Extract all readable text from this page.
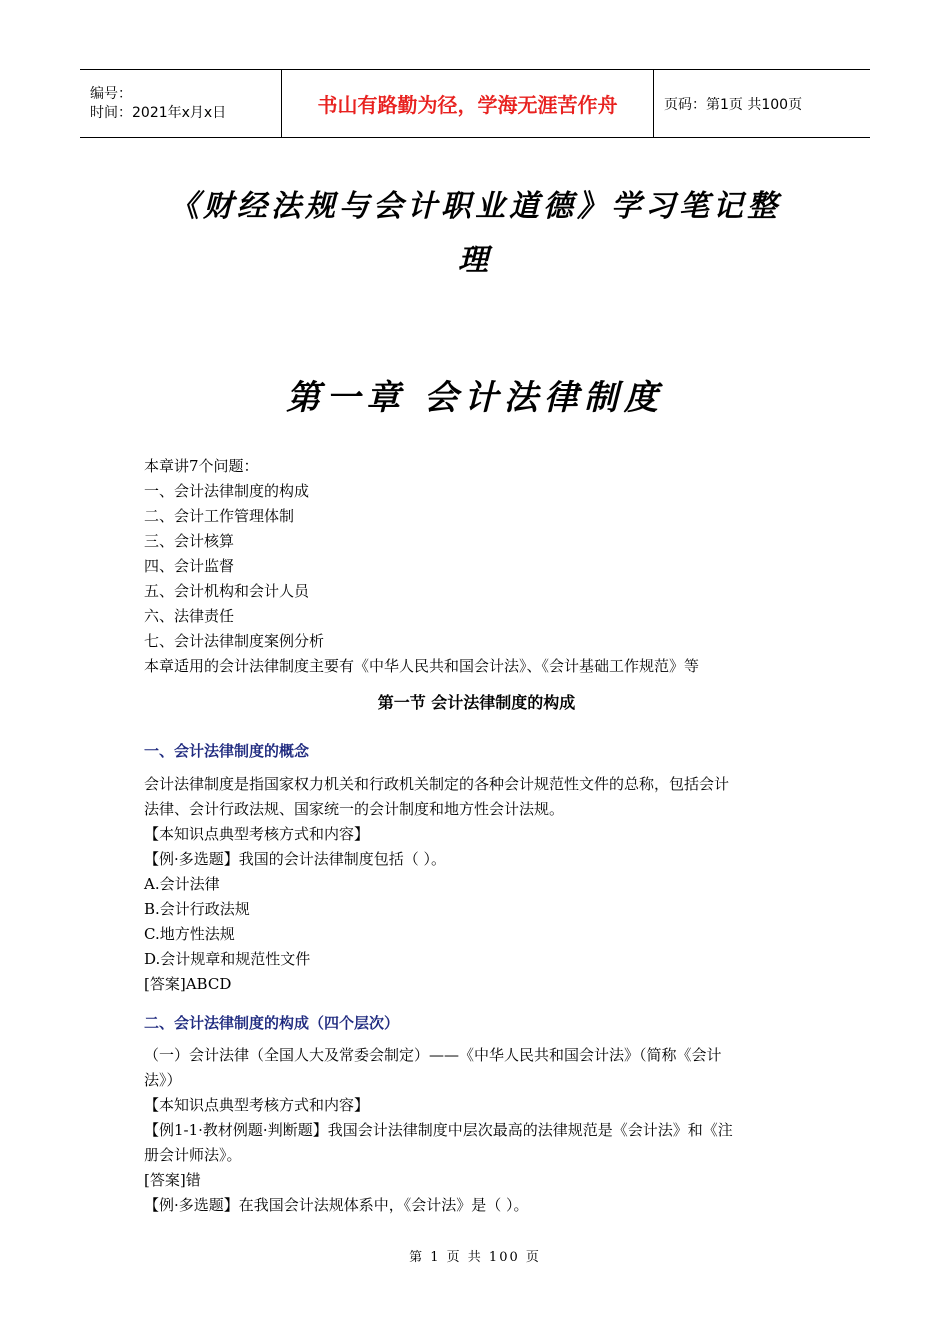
编号：
时间：2021年x月x日	书山有路勤为径，学海无涯苦作舟	页码：第1页 共100页
《财经法规与会计职业道德》学习笔记整
理
第一章 会计法律制度
本章讲7个问题：
一、会计法律制度的构成
二、会计工作管理体制
三、会计核算
四、会计监督
五、会计机构和会计人员
六、法律责任
七、会计法律制度案例分析
本章适用的会计法律制度主要有《中华人民共和国会计法》、《会计基础工作规范》等
第一节 会计法律制度的构成
一、会计法律制度的概念
会计法律制度是指国家权力机关和行政机关制定的各种会计规范性文件的总称，包括会计
法律、会计行政法规、国家统一的会计制度和地方性会计法规。
【本知识点典型考核方式和内容】
【例·多选题】我国的会计法律制度包括（ ）。
A.会计法律
B.会计行政法规
C.地方性法规
D.会计规章和规范性文件
[答案]ABCD
二、会计法律制度的构成（四个层次）
（一）会计法律（全国人大及常委会制定）——《中华人民共和国会计法》（简称《会计
法》）
【本知识点典型考核方式和内容】
【例1-1·教材例题·判断题】我国会计法律制度中层次最高的法律规范是《会计法》和《注
册会计师法》。
[答案]错
【例·多选题】在我国会计法规体系中，《会计法》是（ ）。
第 1 页 共 100 页
